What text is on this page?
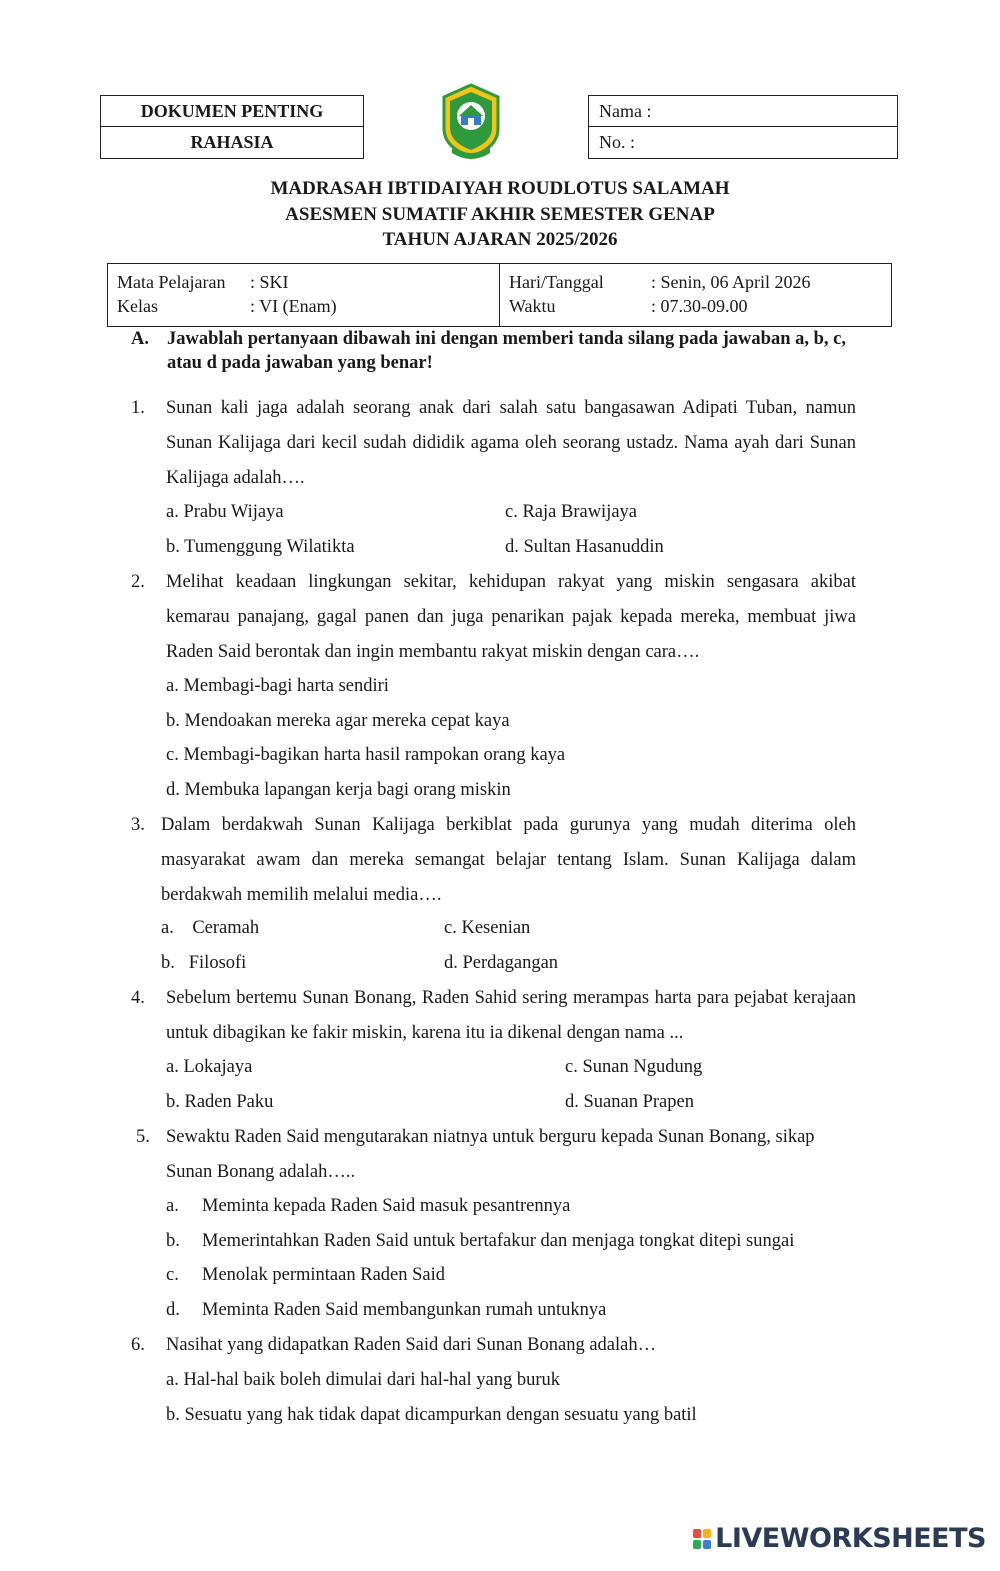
DOKUMEN PENTING
RAHASIA
Nama :
No. :
MADRASAH IBTIDAIYAH ROUDLOTUS SALAMAH
ASESMEN SUMATIF AKHIR SEMESTER GENAP
TAHUN AJARAN 2025/2026
Mata Pelajaran : SKI
Kelas	: VI (Enam)
Hari/Tanggal	: Senin, 06 April 2026
Waktu	: 07.30-09.00
A. Jawablah pertanyaan dibawah ini dengan memberi tanda silang pada jawaban a, b, c, atau d pada jawaban yang benar!
1. Sunan kali jaga adalah seorang anak dari salah satu bangasawan Adipati Tuban, namun Sunan Kalijaga dari kecil sudah dididik agama oleh seorang ustadz. Nama ayah dari Sunan Kalijaga adalah….
a. Prabu Wijaya	c. Raja Brawijaya
b. Tumenggung Wilatikta	d. Sultan Hasanuddin
2. Melihat keadaan lingkungan sekitar, kehidupan rakyat yang miskin sengasara akibat kemarau panajang, gagal panen dan juga penarikan pajak kepada mereka, membuat jiwa Raden Said berontak dan ingin membantu rakyat miskin dengan cara….
a. Membagi-bagi harta sendiri
b. Mendoakan mereka agar mereka cepat kaya
c. Membagi-bagikan harta hasil rampokan orang kaya
d. Membuka lapangan kerja bagi orang miskin
3. Dalam berdakwah Sunan Kalijaga berkiblat pada gurunya yang mudah diterima oleh masyarakat awam dan mereka semangat belajar tentang Islam. Sunan Kalijaga dalam berdakwah memilih melalui media….
a.    Ceramah	c. Kesenian
b.   Filosofi	d. Perdagangan
4. Sebelum bertemu Sunan Bonang, Raden Sahid sering merampas harta para pejabat kerajaan untuk dibagikan ke fakir miskin, karena itu ia dikenal dengan nama ...
a. Lokajaya	c. Sunan Ngudung
b. Raden Paku	d. Suanan Prapen
5. Sewaktu Raden Said mengutarakan niatnya untuk berguru kepada Sunan Bonang, sikap Sunan Bonang adalah…..
a. Meminta kepada Raden Said masuk pesantrennya
b. Memerintahkan Raden Said untuk bertafakur dan menjaga tongkat ditepi sungai
c. Menolak permintaan Raden Said
d. Meminta Raden Said membangunkan rumah untuknya
6. Nasihat yang didapatkan Raden Said dari Sunan Bonang adalah…
a. Hal-hal baik boleh dimulai dari hal-hal yang buruk
b. Sesuatu yang hak tidak dapat dicampurkan dengan sesuatu yang batil
LIVEWORKSHEETS
